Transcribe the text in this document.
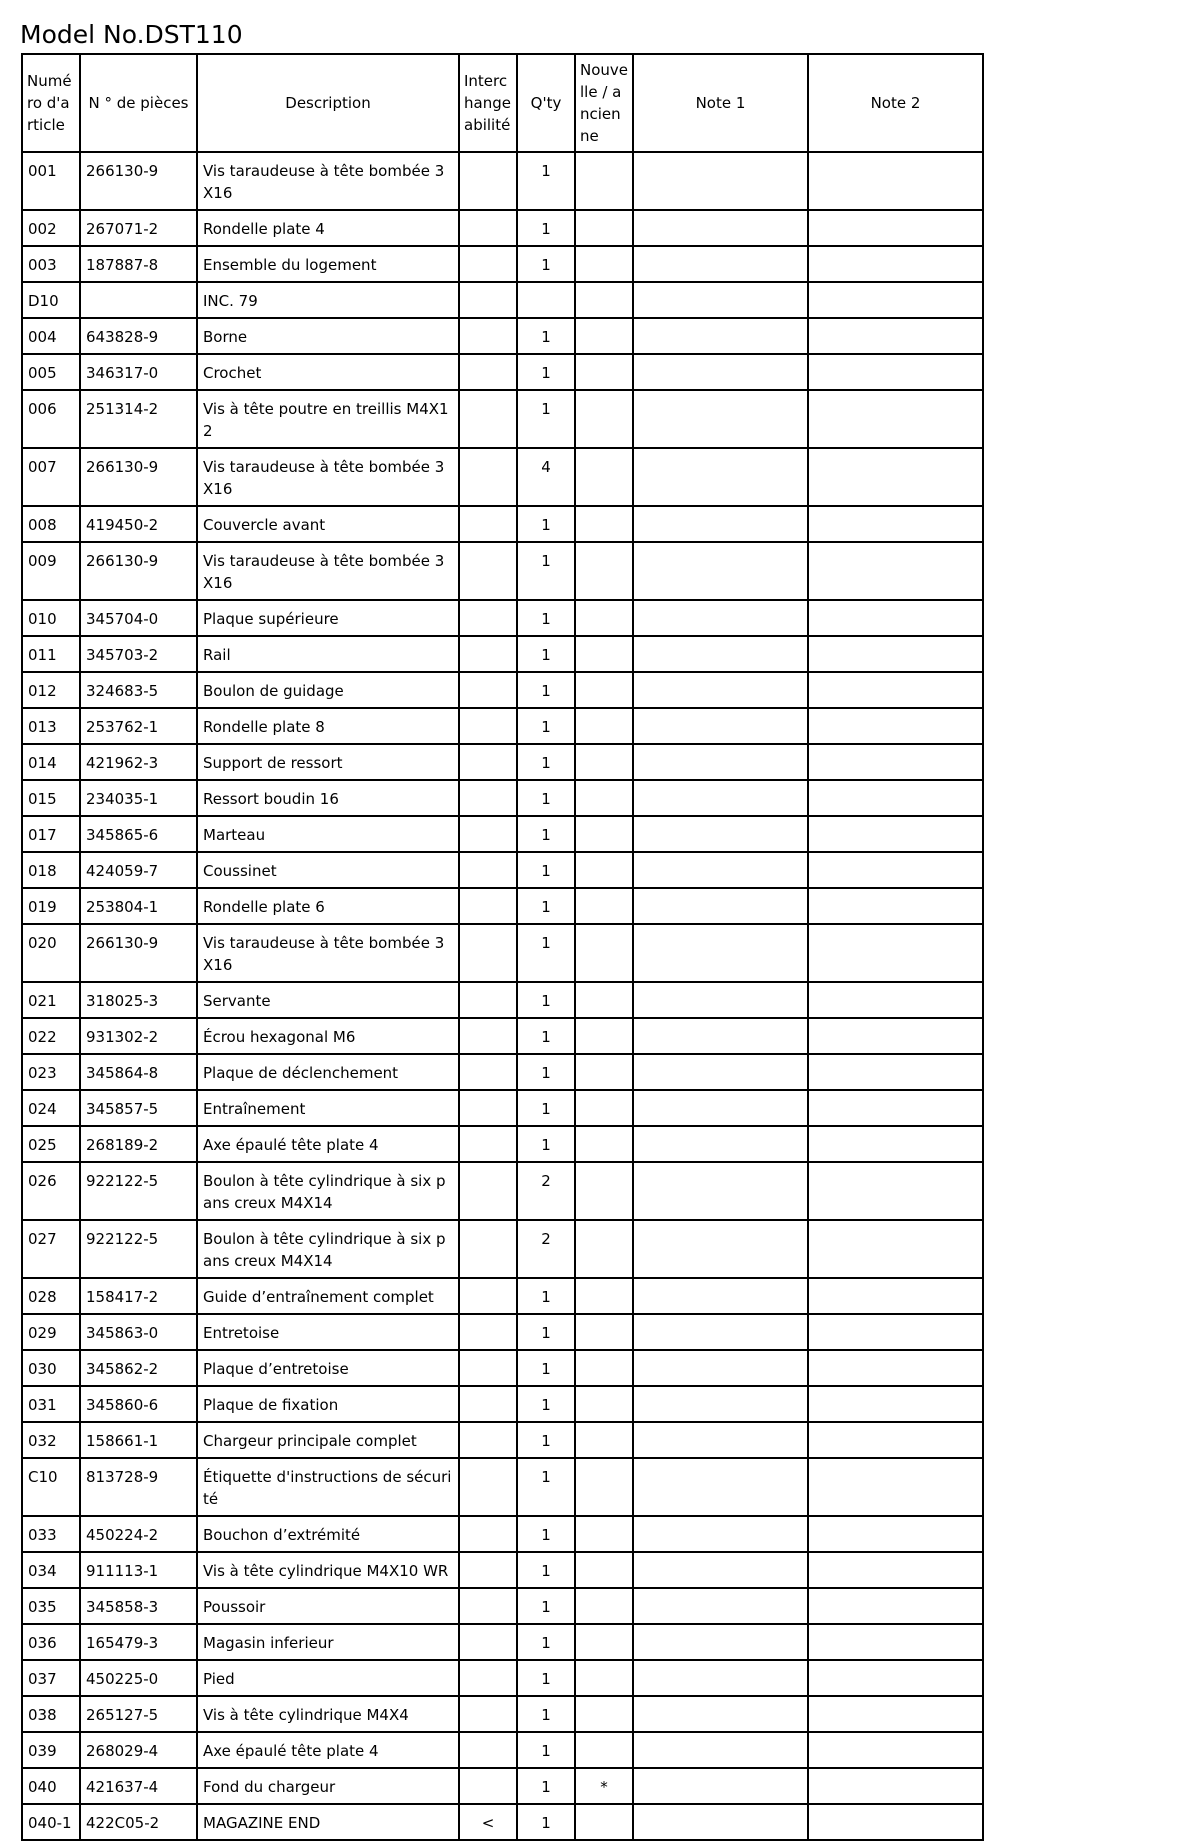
Model No.DST110
Numéro d'article	N ° de pièces	Description	Interchangeabilité	Q'ty	Nouvelle / ancienne	Note 1	Note 2
001	266130-9	Vis taraudeuse à tête bombée 3X16		1			
002	267071-2	Rondelle plate 4		1			
003	187887-8	Ensemble du logement		1			
D10		INC. 79					
004	643828-9	Borne		1			
005	346317-0	Crochet		1			
006	251314-2	Vis à tête poutre en treillis M4X12		1			
007	266130-9	Vis taraudeuse à tête bombée 3X16		4			
008	419450-2	Couvercle avant		1			
009	266130-9	Vis taraudeuse à tête bombée 3X16		1			
010	345704-0	Plaque supérieure		1			
011	345703-2	Rail		1			
012	324683-5	Boulon de guidage		1			
013	253762-1	Rondelle plate 8		1			
014	421962-3	Support de ressort		1			
015	234035-1	Ressort boudin 16		1			
017	345865-6	Marteau		1			
018	424059-7	Coussinet		1			
019	253804-1	Rondelle plate 6		1			
020	266130-9	Vis taraudeuse à tête bombée 3X16		1			
021	318025-3	Servante		1			
022	931302-2	Écrou hexagonal M6		1			
023	345864-8	Plaque de déclenchement		1			
024	345857-5	Entraînement		1			
025	268189-2	Axe épaulé tête plate 4		1			
026	922122-5	Boulon à tête cylindrique à six pans creux M4X14		2			
027	922122-5	Boulon à tête cylindrique à six pans creux M4X14		2			
028	158417-2	Guide d’entraînement complet		1			
029	345863-0	Entretoise		1			
030	345862-2	Plaque d’entretoise		1			
031	345860-6	Plaque de fixation		1			
032	158661-1	Chargeur principale complet		1			
C10	813728-9	Étiquette d'instructions de sécurité		1			
033	450224-2	Bouchon d’extrémité		1			
034	911113-1	Vis à tête cylindrique M4X10 WR		1			
035	345858-3	Poussoir		1			
036	165479-3	Magasin inferieur		1			
037	450225-0	Pied		1			
038	265127-5	Vis à tête cylindrique M4X4		1			
039	268029-4	Axe épaulé tête plate 4		1			
040	421637-4	Fond du chargeur		1	*		
040-1	422C05-2	MAGAZINE END	<	1			
